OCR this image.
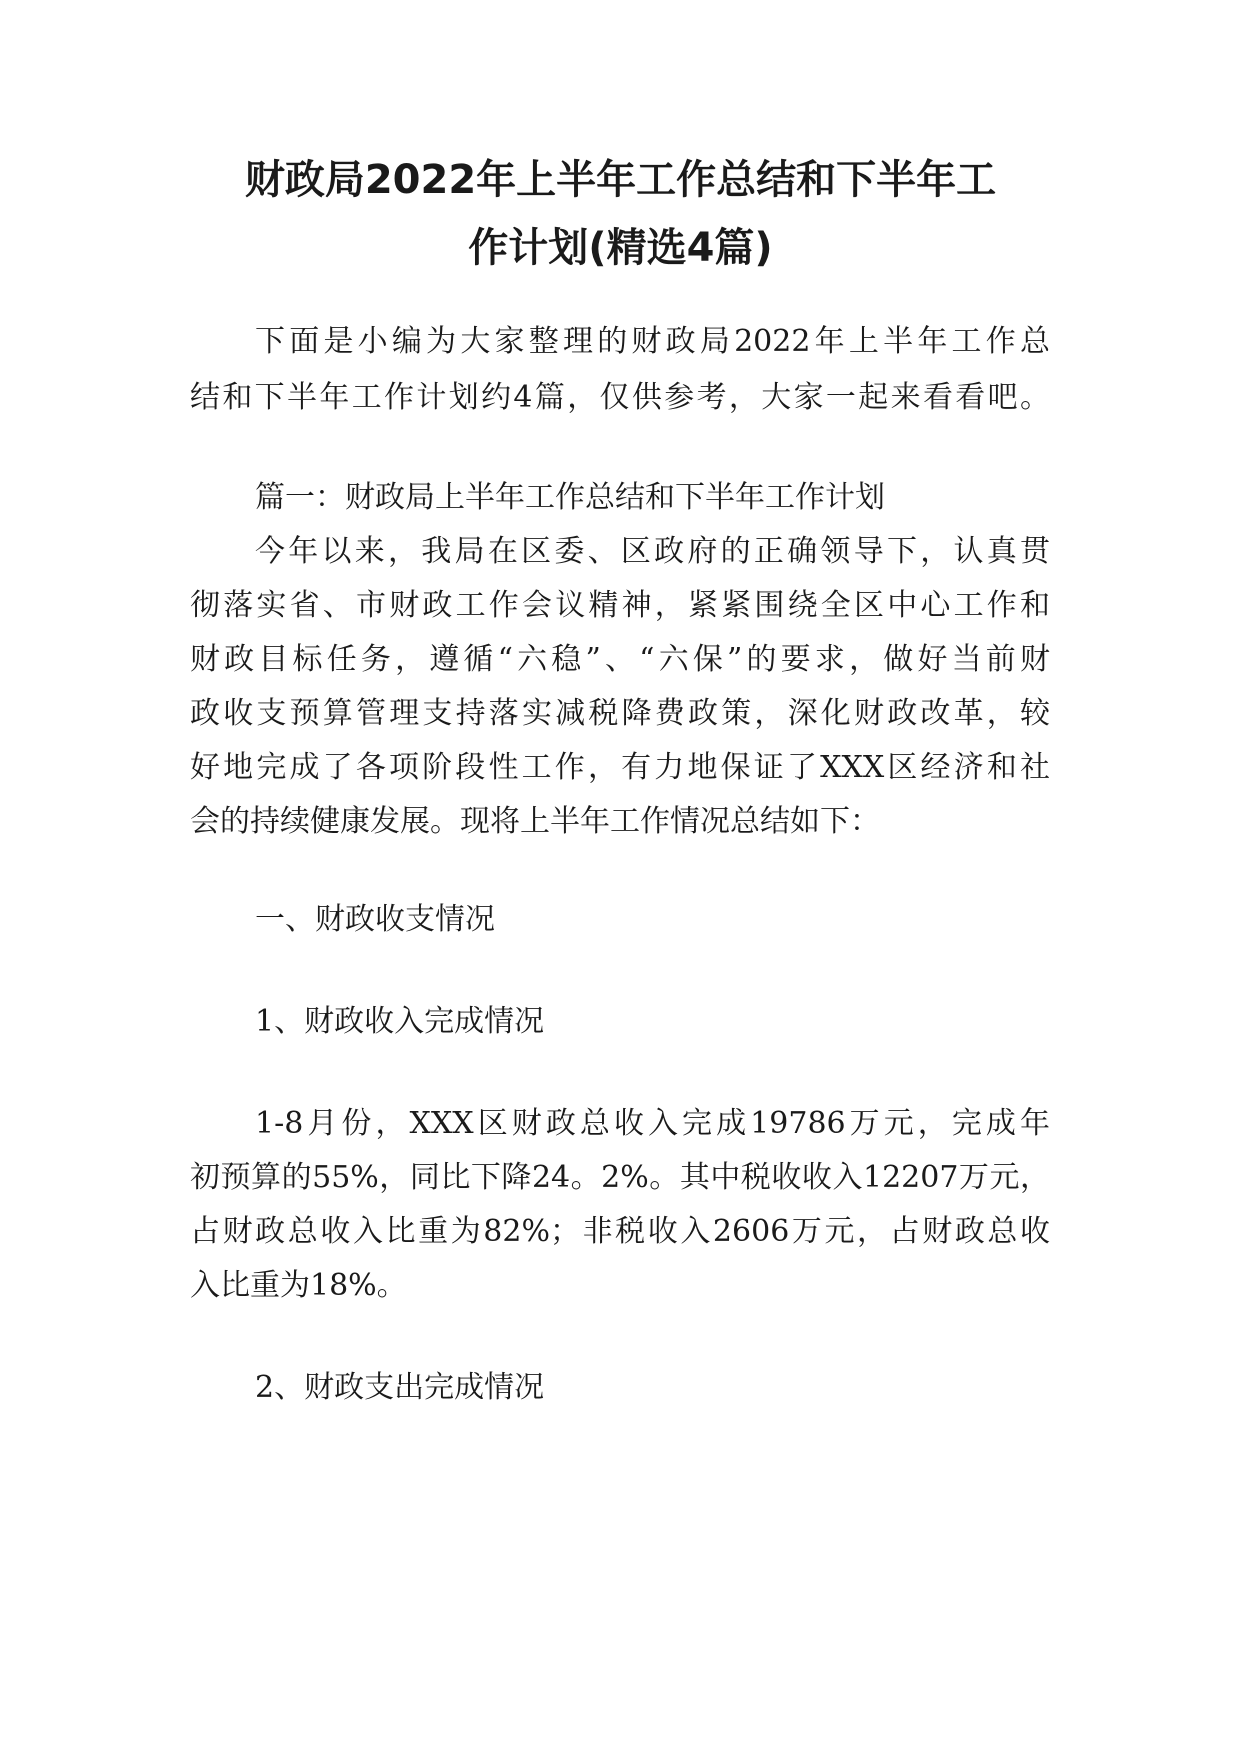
财政局2022年上半年工作总结和下半年工
作计划(精选4篇)

下面是小编为大家整理的财政局2022年上半年工作总

结和下半年工作计划约4篇，仅供参考，大家一起来看看吧。

篇一：财政局上半年工作总结和下半年工作计划

今年以来，我局在区委、区政府的正确领导下，认真贯

彻落实省、市财政工作会议精神，紧紧围绕全区中心工作和

财政目标任务，遵循“六稳”、“六保”的要求，做好当前财

政收支预算管理支持落实减税降费政策，深化财政改革，较

好地完成了各项阶段性工作，有力地保证了XXX区经济和社

会的持续健康发展。现将上半年工作情况总结如下：

一、财政收支情况

1、财政收入完成情况

1-8月份，XXX区财政总收入完成19786万元，完成年

初预算的55%，同比下降24。2%。其中税收收入12207万元，

占财政总收入比重为82%；非税收入2606万元，占财政总收

入比重为18%。

2、财政支出完成情况
